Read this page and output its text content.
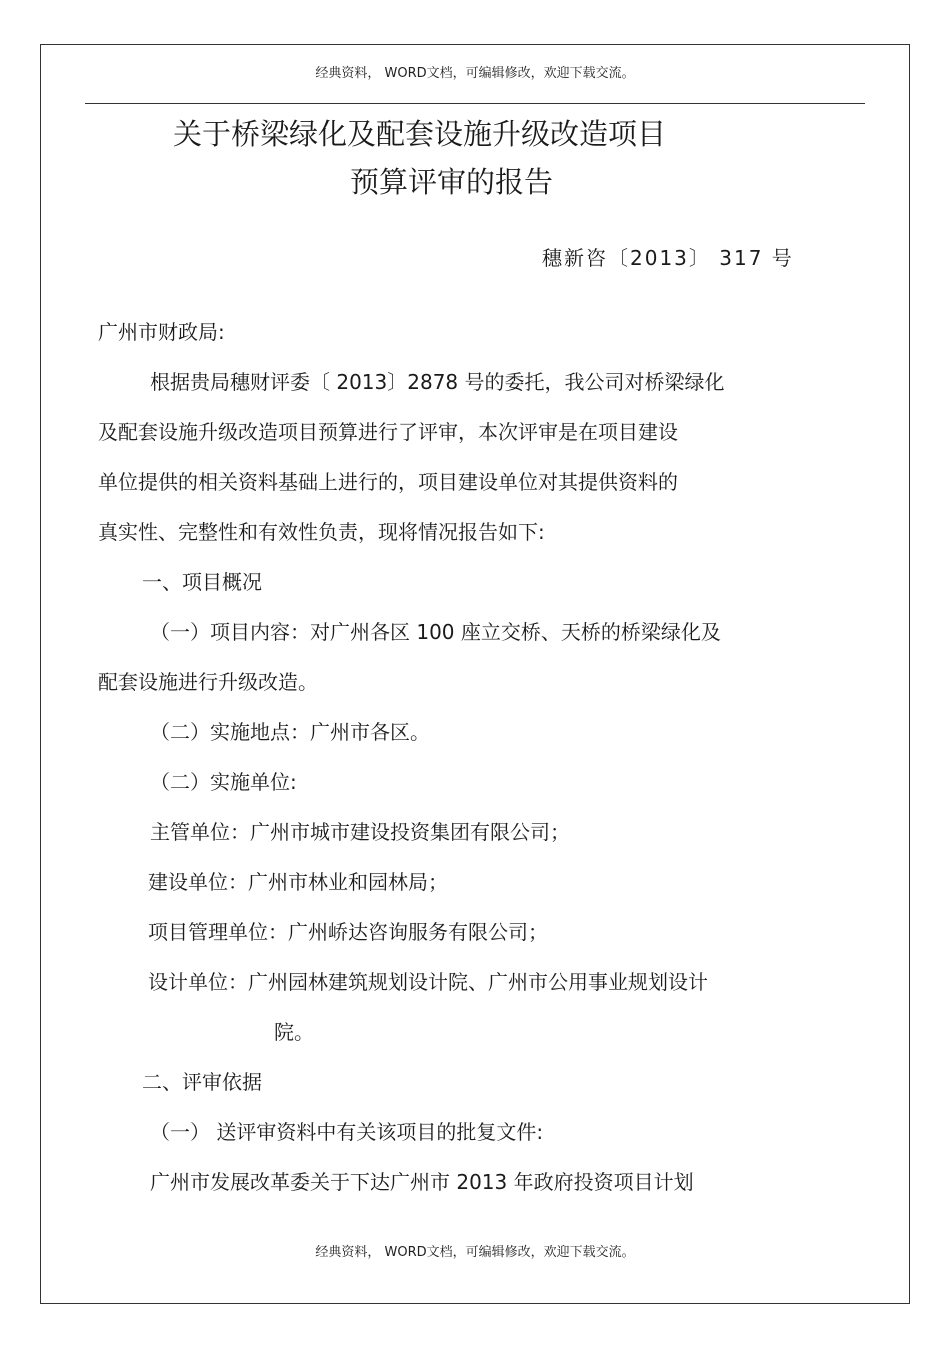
经典资料， WORD文档，可编辑修改，欢迎下载交流。
关于桥梁绿化及配套设施升级改造项目
预算评审的报告
穗新咨〔2013〕 317 号
广州市财政局:
根据贵局穗财评委〔 2013〕2878 号的委托，我公司对桥梁绿化
及配套设施升级改造项目预算进行了评审，本次评审是在项目建设
单位提供的相关资料基础上进行的，项目建设单位对其提供资料的
真实性、完整性和有效性负责，现将情况报告如下:
一、项目概况
（一）项目内容：对广州各区 100 座立交桥、天桥的桥梁绿化及
配套设施进行升级改造。
（二）实施地点：广州市各区。
（二）实施单位:
主管单位：广州市城市建设投资集团有限公司；
建设单位：广州市林业和园林局；
项目管理单位：广州峤达咨询服务有限公司；
设计单位：广州园林建筑规划设计院、广州市公用事业规划设计
院。
二、评审依据
（一） 送评审资料中有关该项目的批复文件:
广州市发展改革委关于下达广州市 2013 年政府投资项目计划
经典资料， WORD文档，可编辑修改，欢迎下载交流。
